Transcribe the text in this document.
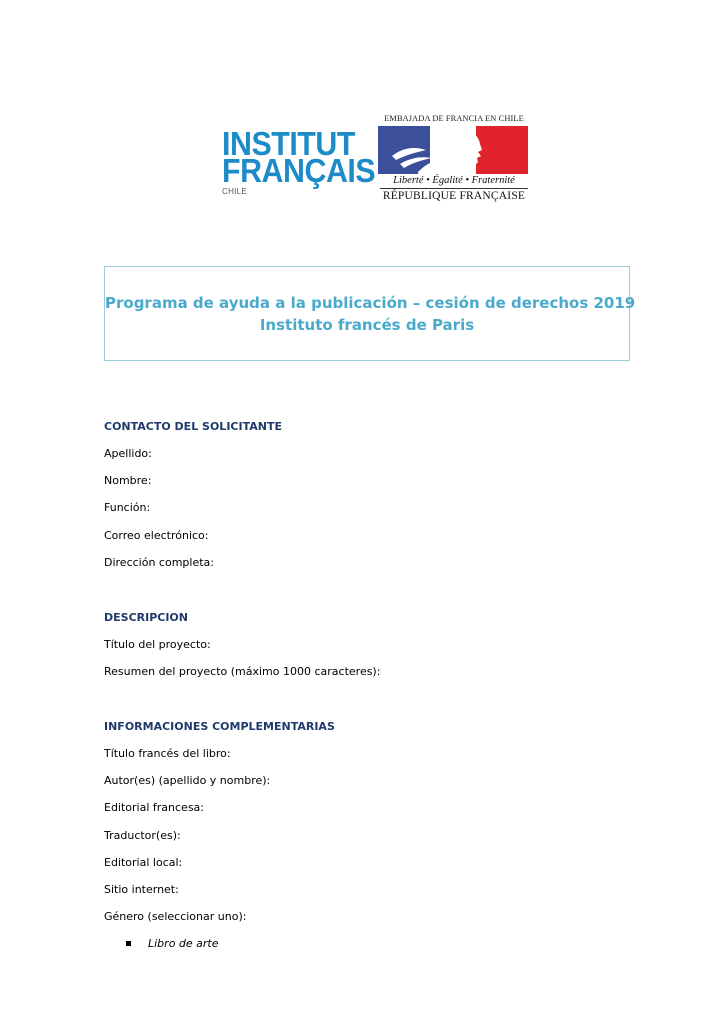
INSTITUT
FRANÇAIS
CHILE
EMBAJADA DE FRANCIA EN CHILE
Liberté • Égalité • Fraternité
RÉPUBLIQUE FRANÇAISE
Programa de ayuda a la publicación – cesión de derechos 2019
Instituto francés de Paris
CONTACTO DEL SOLICITANTE
Apellido:
Nombre:
Función:
Correo electrónico:
Dirección completa:
DESCRIPCION
Título del proyecto:
Resumen del proyecto (máximo 1000 caracteres):
INFORMACIONES COMPLEMENTARIAS
Título francés del libro:
Autor(es) (apellido y nombre):
Editorial francesa:
Traductor(es):
Editorial local:
Sitio internet:
Género (seleccionar uno):
Libro de arte
